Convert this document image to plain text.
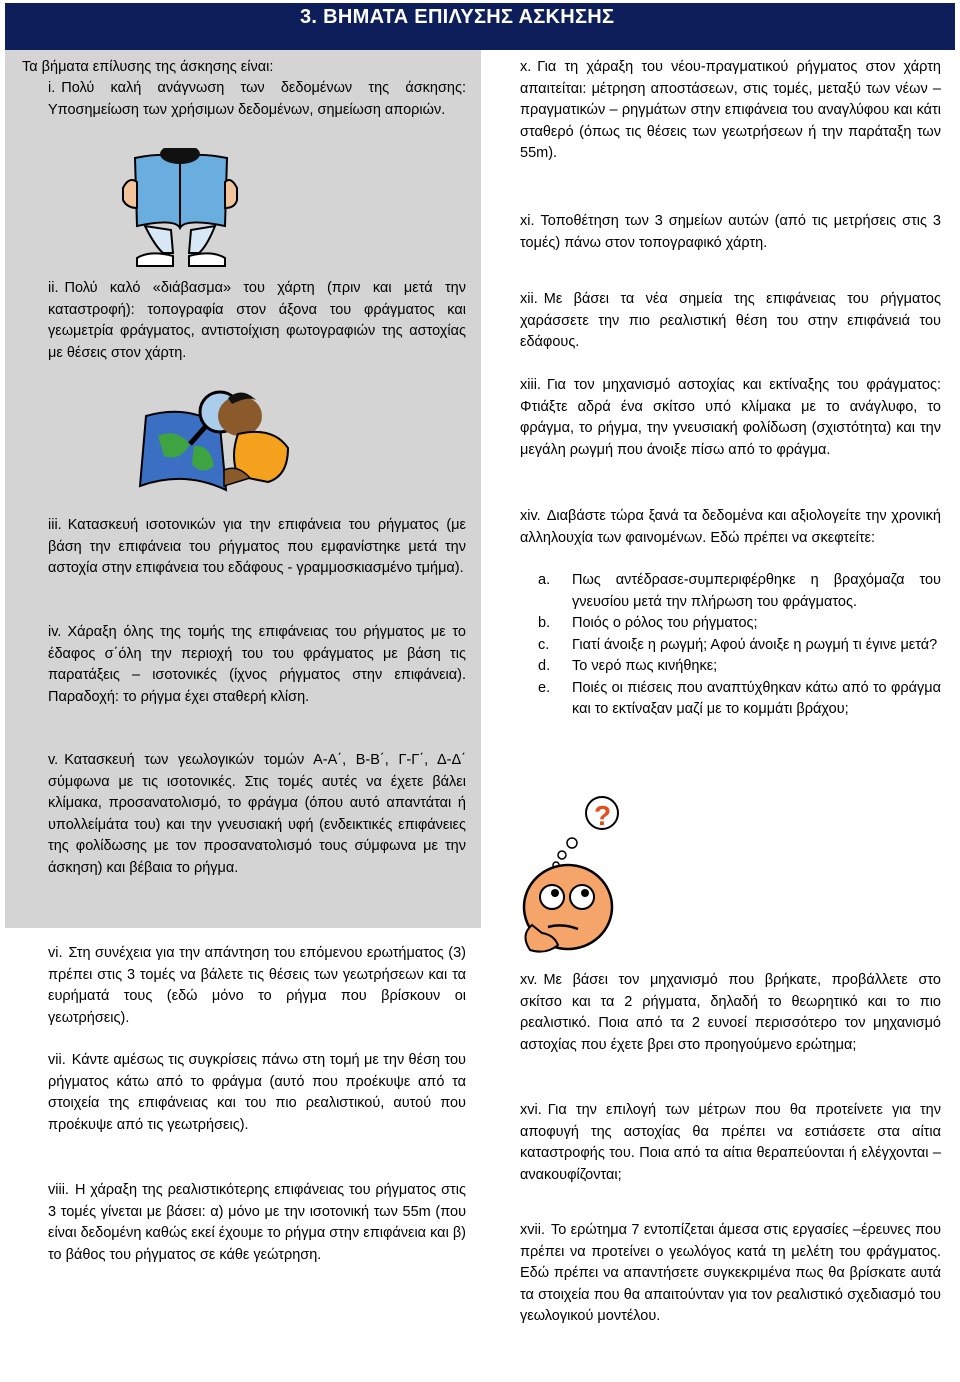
3. ΒΗΜΑΤΑ ΕΠΙΛΥΣΗΣ ΑΣΚΗΣΗΣ

Τα βήματα επίλυσης της άσκησης είναι:

i. Πολύ καλή ανάγνωση των δεδομένων της άσκησης: Υποσημείωση των χρήσιμων δεδομένων, σημείωση αποριών.

ii. Πολύ καλό «διάβασμα» του χάρτη (πριν και μετά την καταστροφή): τοπογραφία στον άξονα του φράγματος και γεωμετρία φράγματος, αντιστοίχιση φωτογραφιών της αστοχίας με θέσεις στον χάρτη.

iii. Κατασκευή ισοτονικών για την επιφάνεια του ρήγματος (με βάση την επιφάνεια του ρήγματος που εμφανίστηκε μετά την αστοχία στην επιφάνεια του εδάφους - γραμμοσκιασμένο τμήμα).

iv. Χάραξη όλης της τομής της επιφάνειας του ρήγματος με το έδαφος σ΄όλη την περιοχή του του φράγματος με βάση τις παρατάξεις – ισοτονικές (ίχνος ρήγματος στην επιφάνεια). Παραδοχή: το ρήγμα έχει σταθερή κλίση.

v. Κατασκευή των γεωλογικών τομών Α-Α΄, Β-Β΄, Γ-Γ΄, Δ-Δ΄ σύμφωνα με τις ισοτονικές. Στις τομές αυτές να έχετε βάλει κλίμακα, προσανατολισμό, το φράγμα (όπου αυτό απαντάται ή υπολλείμάτα του) και την γνευσιακή υφή (ενδεικτικές επιφάνειες της φολίδωσης με τον προσανατολισμό τους σύμφωνα με την άσκηση) και βέβαια το ρήγμα.

vi. Στη συνέχεια για την απάντηση του επόμενου ερωτήματος (3) πρέπει στις 3 τομές να βάλετε τις θέσεις των γεωτρήσεων και τα ευρήματά τους (εδώ μόνο το ρήγμα που βρίσκουν οι γεωτρήσεις).

vii. Κάντε αμέσως τις συγκρίσεις πάνω στη τομή με την θέση του ρήγματος κάτω από το φράγμα (αυτό που προέκυψε από τα στοιχεία της επιφάνειας και του πιο ρεαλιστικού, αυτού που προέκυψε από τις γεωτρήσεις).

viii. Η χάραξη της ρεαλιστικότερης επιφάνειας του ρήγματος στις 3 τομές γίνεται με βάσει: α) μόνο με την ισοτονική των 55m (που είναι δεδομένη καθώς εκεί έχουμε το ρήγμα στην επιφάνεια και β) το βάθος του ρήγματος σε κάθε γεώτρηση.

x. Για τη χάραξη του νέου-πραγματικού ρήγματος στον χάρτη απαιτείται: μέτρηση αποστάσεων, στις τομές, μεταξύ των νέων – πραγματικών – ρηγμάτων στην επιφάνεια του αναγλύφου και κάτι σταθερό (όπως τις θέσεις των γεωτρήσεων ή την παράταξη των 55m).

xi. Τοποθέτηση των 3 σημείων αυτών (από τις μετρήσεις στις 3 τομές) πάνω στον τοπογραφικό χάρτη.

xii. Με βάσει τα νέα σημεία της επιφάνειας του ρήγματος χαράσσετε την πιο ρεαλιστική θέση του στην επιφάνειά του εδάφους.

xiii. Για τον μηχανισμό αστοχίας και εκτίναξης του φράγματος: Φτιάξτε αδρά ένα σκίτσο υπό κλίμακα με το ανάγλυφο, το φράγμα, το ρήγμα, την γνευσιακή φολίδωση (σχιστότητα) και την μεγάλη ρωγμή που άνοιξε πίσω από το φράγμα.

xiv. Διαβάστε τώρα ξανά τα δεδομένα και αξιολογείτε την χρονική αλληλουχία των φαινομένων. Εδώ πρέπει να σκεφτείτε:

a. Πως αντέδρασε-συμπεριφέρθηκε η βραχόμαζα του γνευσίου μετά την πλήρωση του φράγματος.
b. Ποιός ο ρόλος του ρήγματος;
c. Γιατί άνοιξε η ρωγμή; Αφού άνοιξε η ρωγμή τι έγινε μετά?
d. Το νερό πως κινήθηκε;
e. Ποιές οι πιέσεις που αναπτύχθηκαν κάτω από το φράγμα και το εκτίναξαν μαζί με το κομμάτι βράχου;
?

xv. Με βάσει τον μηχανισμό που βρήκατε, προβάλλετε στο σκίτσο και τα 2 ρήγματα, δηλαδή το θεωρητικό και το πιο ρεαλιστικό. Ποια από τα 2 ευνοεί περισσότερο τον μηχανισμό αστοχίας που έχετε βρει στο προηγούμενο ερώτημα;

xvi. Για την επιλογή των μέτρων που θα προτείνετε για την αποφυγή της αστοχίας θα πρέπει να εστιάσετε στα αίτια καταστροφής του. Ποια από τα αίτια θεραπεύονται ή ελέγχονται – ανακουφίζονται;

xvii. Το ερώτημα 7 εντοπίζεται άμεσα στις εργασίες –έρευνες που πρέπει να προτείνει ο γεωλόγος κατά τη μελέτη του φράγματος. Εδώ πρέπει να απαντήσετε συγκεκριμένα πως θα βρίσκατε αυτά τα στοιχεία που θα απαιτούνταν για τον ρεαλιστικό σχεδιασμό του γεωλογικού μοντέλου.
